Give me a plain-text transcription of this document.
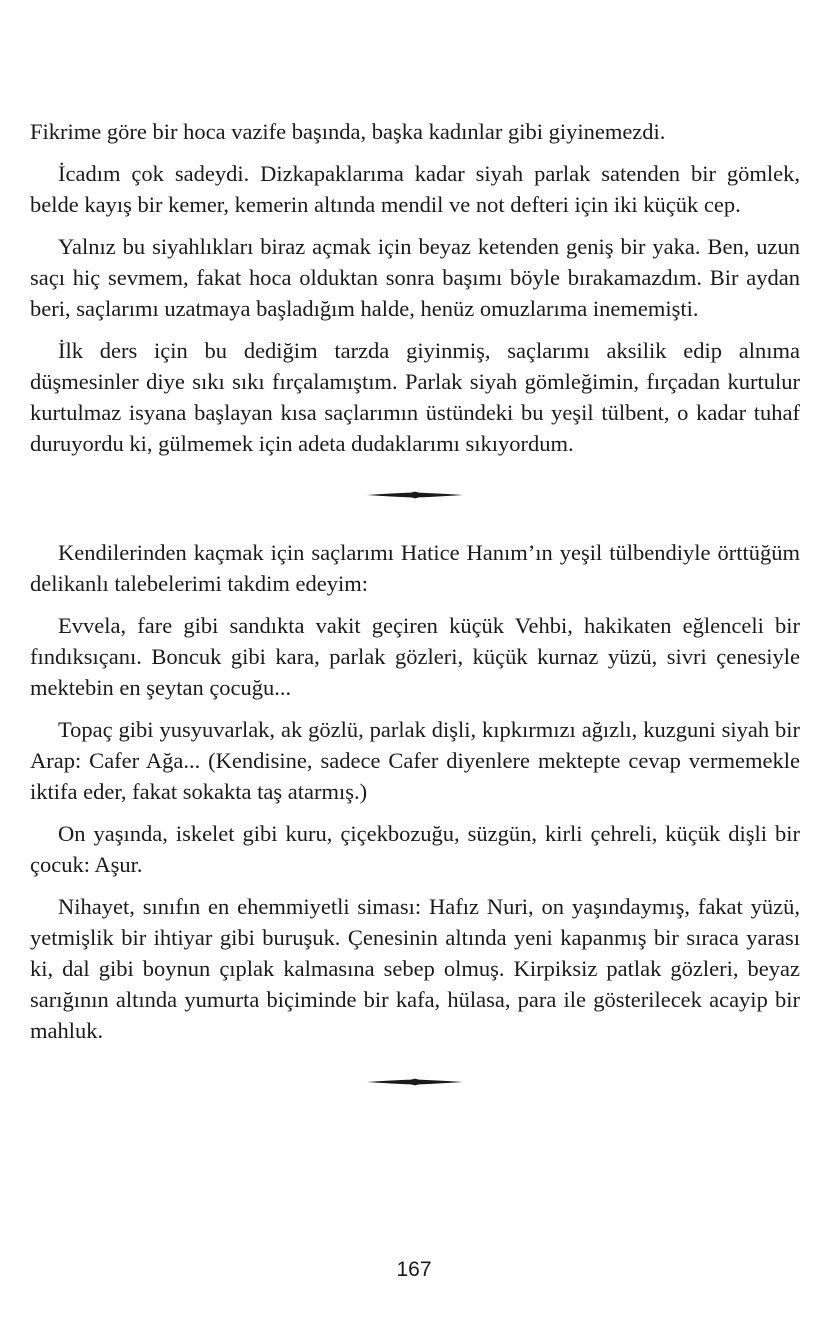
Fikrime göre bir hoca vazife başında, başka kadınlar gibi giyinemezdi.

İcadım çok sadeydi. Dizkapaklarıma kadar siyah parlak satenden bir gömlek, belde kayış bir kemer, kemerin altında mendil ve not defteri için iki küçük cep.

Yalnız bu siyahlıkları biraz açmak için beyaz ketenden geniş bir yaka. Ben, uzun saçı hiç sevmem, fakat hoca olduktan sonra başımı böyle bırakamazdım. Bir aydan beri, saçlarımı uzatmaya başladığım halde, henüz omuzlarıma inememişti.

İlk ders için bu dediğim tarzda giyinmiş, saçlarımı aksilik edip alnıma düşmesinler diye sıkı sıkı fırçalamıştım. Parlak siyah gömleğimin, fırçadan kurtulur kurtulmaz isyana başlayan kısa saçlarımın üstündeki bu yeşil tülbent, o kadar tuhaf duruyordu ki, gülmemek için adeta dudaklarımı sıkıyordum.

Kendilerinden kaçmak için saçlarımı Hatice Hanım’ın yeşil tülbendiyle örttüğüm delikanlı talebelerimi takdim edeyim:

Evvela, fare gibi sandıkta vakit geçiren küçük Vehbi, hakikaten eğlenceli bir fındıksıçanı. Boncuk gibi kara, parlak gözleri, küçük kurnaz yüzü, sivri çenesiyle mektebin en şeytan çocuğu...

Topaç gibi yusyuvarlak, ak gözlü, parlak dişli, kıpkırmızı ağızlı, kuzguni siyah bir Arap: Cafer Ağa... (Kendisine, sadece Cafer diyenlere mektepte cevap vermemekle iktifa eder, fakat sokakta taş atarmış.)

On yaşında, iskelet gibi kuru, çiçekbozuğu, süzgün, kirli çehreli, küçük dişli bir çocuk: Aşur.

Nihayet, sınıfın en ehemmiyetli siması: Hafız Nuri, on yaşındaymış, fakat yüzü, yetmişlik bir ihtiyar gibi buruşuk. Çenesinin altında yeni kapanmış bir sıraca yarası ki, dal gibi boynun çıplak kalmasına sebep olmuş. Kirpiksiz patlak gözleri, beyaz sarığının altında yumurta biçiminde bir kafa, hülasa, para ile gösterilecek acayip bir mahluk.

167
